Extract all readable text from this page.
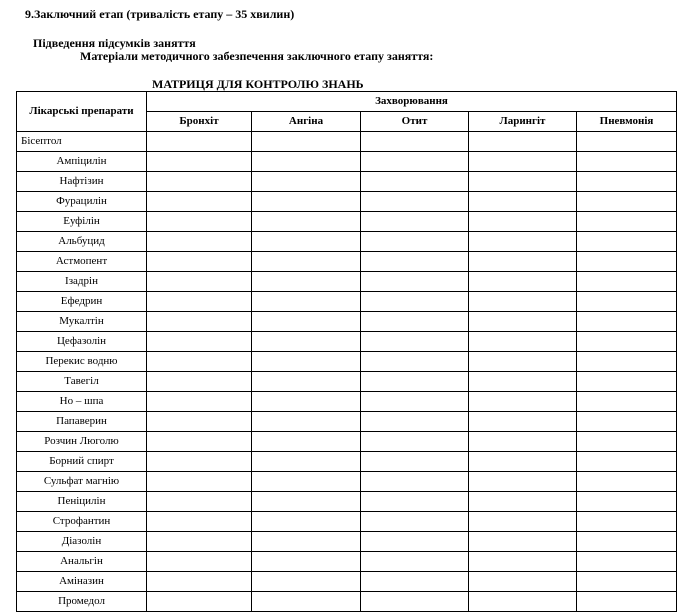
9.Заключний етап (тривалість етапу – 35 хвилин)
Підведення підсумків заняття
Матеріали методичного забезпечення заключного етапу заняття:
МАТРИЦЯ ДЛЯ КОНТРОЛЮ ЗНАНЬ
Лікарські препарати	Захворювання				
	Бронхіт	Ангіна	Отит	Ларингіт	Пневмонія
Бісептол					
Ампіцилін					
Нафтізин					
Фурацилін					
Еуфілін					
Альбуцид					
Астмопент					
Ізадрін					
Ефедрин					
Мукалтін					
Цефазолін					
Перекис водню					
Тавегіл					
Но – шпа					
Папаверин					
Розчин Люголю					
Борний спирт					
Сульфат магнію					
Пеніцилін					
Строфантин					
Діазолін					
Анальгін					
Амінaзин					
Промедол					
